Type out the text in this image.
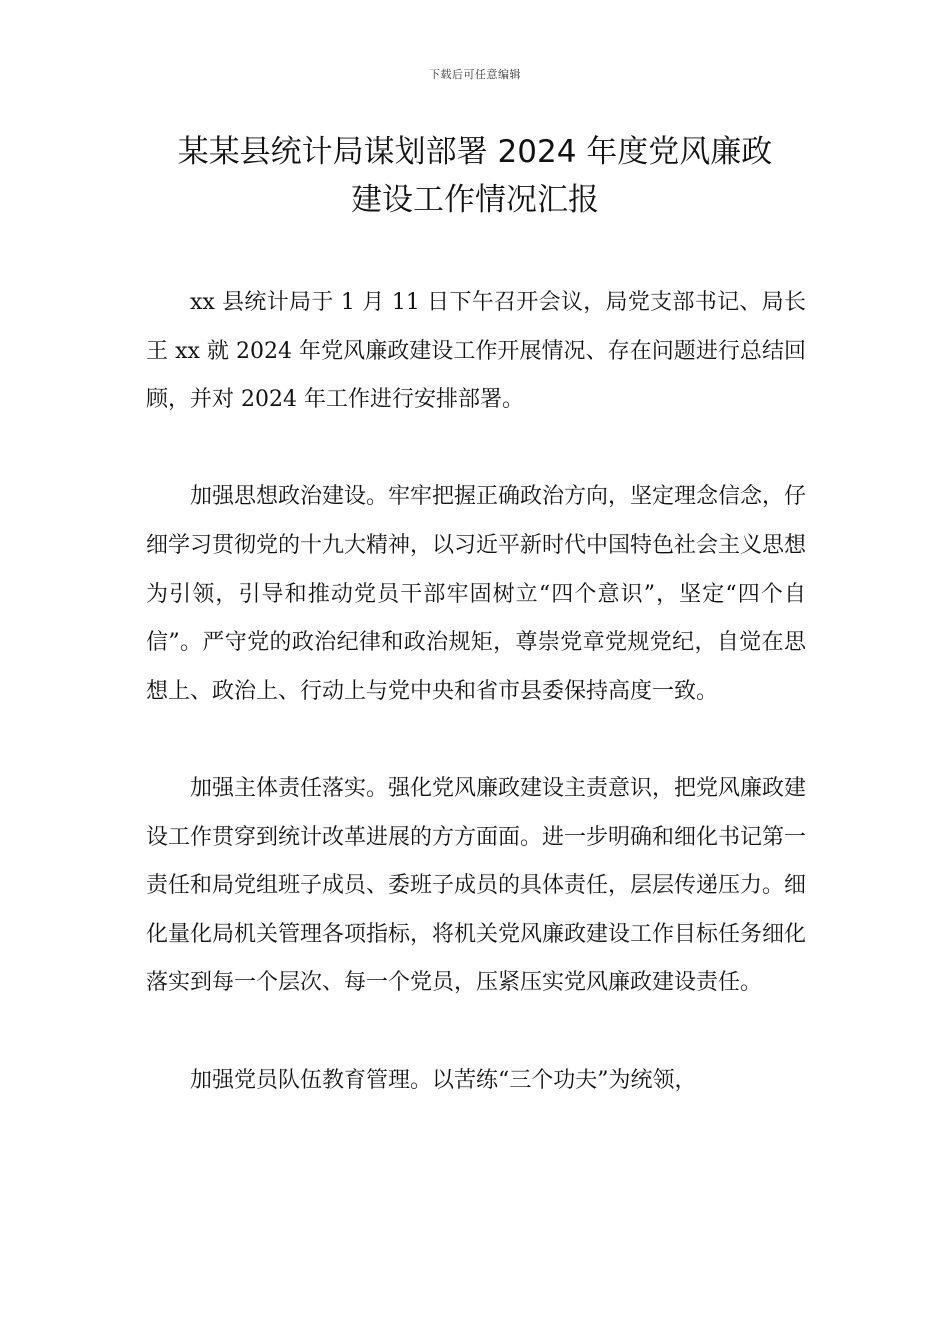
下载后可任意编辑
某某县统计局谋划部署 2024 年度党风廉政
建设工作情况汇报

xx 县统计局于 1 月 11 日下午召开会议，局党支部书记、局长王 xx 就 2024 年党风廉政建设工作开展情况、存在问题进行总结回顾，并对 2024 年工作进行安排部署。

加强思想政治建设。牢牢把握正确政治方向，坚定理念信念，仔细学习贯彻党的十九大精神，以习近平新时代中国特色社会主义思想为引领，引导和推动党员干部牢固树立“四个意识”，坚定“四个自信”。严守党的政治纪律和政治规矩，尊崇党章党规党纪，自觉在思想上、政治上、行动上与党中央和省市县委保持高度一致。

加强主体责任落实。强化党风廉政建设主责意识，把党风廉政建设工作贯穿到统计改革进展的方方面面。进一步明确和细化书记第一责任和局党组班子成员、委班子成员的具体责任，层层传递压力。细化量化局机关管理各项指标，将机关党风廉政建设工作目标任务细化落实到每一个层次、每一个党员，压紧压实党风廉政建设责任。

加强党员队伍教育管理。以苦练“三个功夫”为统领，
